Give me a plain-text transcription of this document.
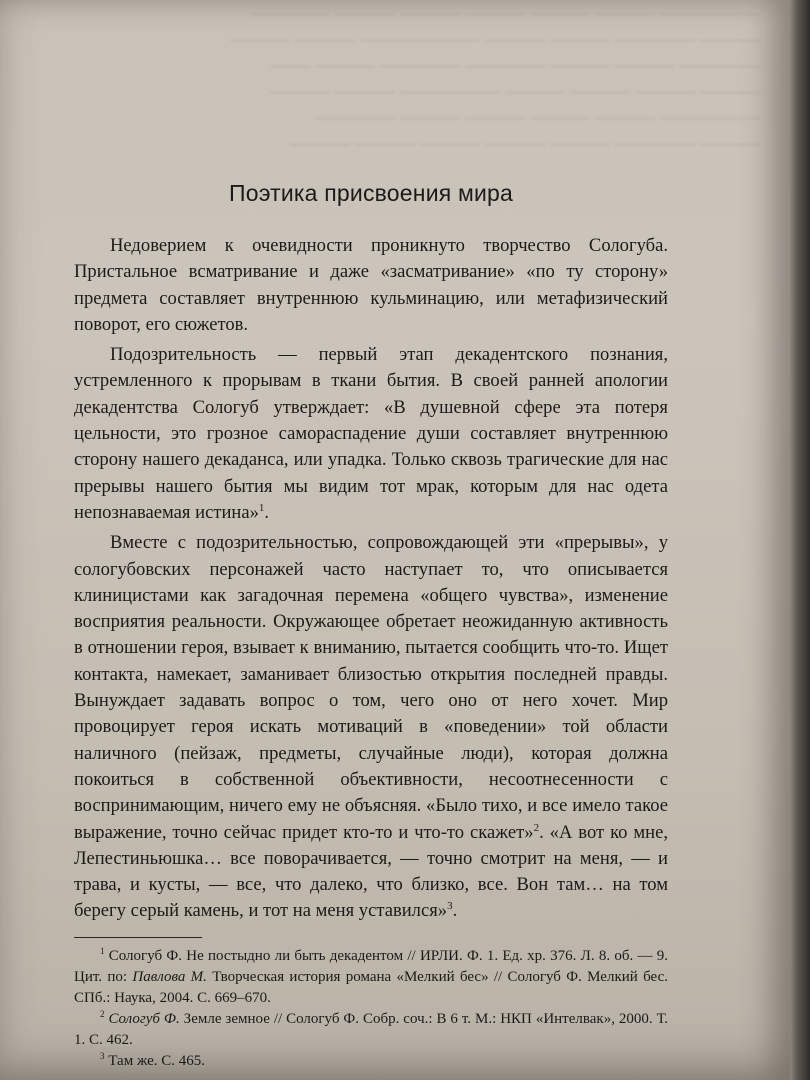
————— ——— ——— ——— ——— ——— ————
——— ———— ——— ——— —————— ——— ———
———— ——— ——— ———— ———— ——— ——
——— ——— ——— ——— ————— ——— ———
————— ——— ——— ——— ——— ————
——— ———— ——— ——— ——— ——— ———
Поэтика присвоения мира

Недоверием к очевидности проникнуто творчество Сологуба. Пристальное всматривание и даже «засматривание» «по ту сторону» предмета составляет внутреннюю кульминацию, или метафизический поворот, его сюжетов.

Подозрительность — первый этап декадентского познания, устремленного к прорывам в ткани бытия. В своей ранней апологии декадентства Сологуб утверждает: «В душевной сфере эта потеря цельности, это грозное самораспадение души составляет внутреннюю сторону нашего декаданса, или упадка. Только сквозь трагические для нас прерывы нашего бытия мы видим тот мрак, которым для нас одета непознаваемая истина»$^1$.

Вместе с подозрительностью, сопровождающей эти «прерывы», у сологубовских персонажей часто наступает то, что описывается клиницистами как загадочная перемена «общего чувства», изменение восприятия реальности. Окружающее обретает неожиданную активность в отношении героя, взывает к вниманию, пытается сообщить что-то. Ищет контакта, намекает, заманивает близостью открытия последней правды. Вынуждает задавать вопрос о том, чего оно от него хочет. Мир провоцирует героя искать мотиваций в «поведении» той области наличного (пейзаж, предметы, случайные люди), которая должна покоиться в собственной объективности, несоотнесенности с воспринимающим, ничего ему не объясняя. «Было тихо, и все имело такое выражение, точно сейчас придет кто-то и что-то скажет»$^2$. «А вот ко мне, Лепестиньюшка… все поворачивается, — точно смотрит на меня, — и трава, и кусты, — все, что далеко, что близко, все. Вон там… на том берегу серый камень, и тот на меня уставился»$^3$.

$^1$ Сологуб Ф. Не постыдно ли быть декадентом // ИРЛИ. Ф. 1. Ед. хр. 376. Л. 8. об. — 9. Цит. по: Павлова М. Творческая история романа «Мелкий бес» // Сологуб Ф. Мелкий бес. СПб.: Наука, 2004. С. 669–670.

$^2$ Сологуб Ф. Земле земное // Сологуб Ф. Собр. соч.: В 6 т. М.: НКП «Интелвак», 2000. Т. 1. С. 462.

$^3$ Там же. С. 465.
